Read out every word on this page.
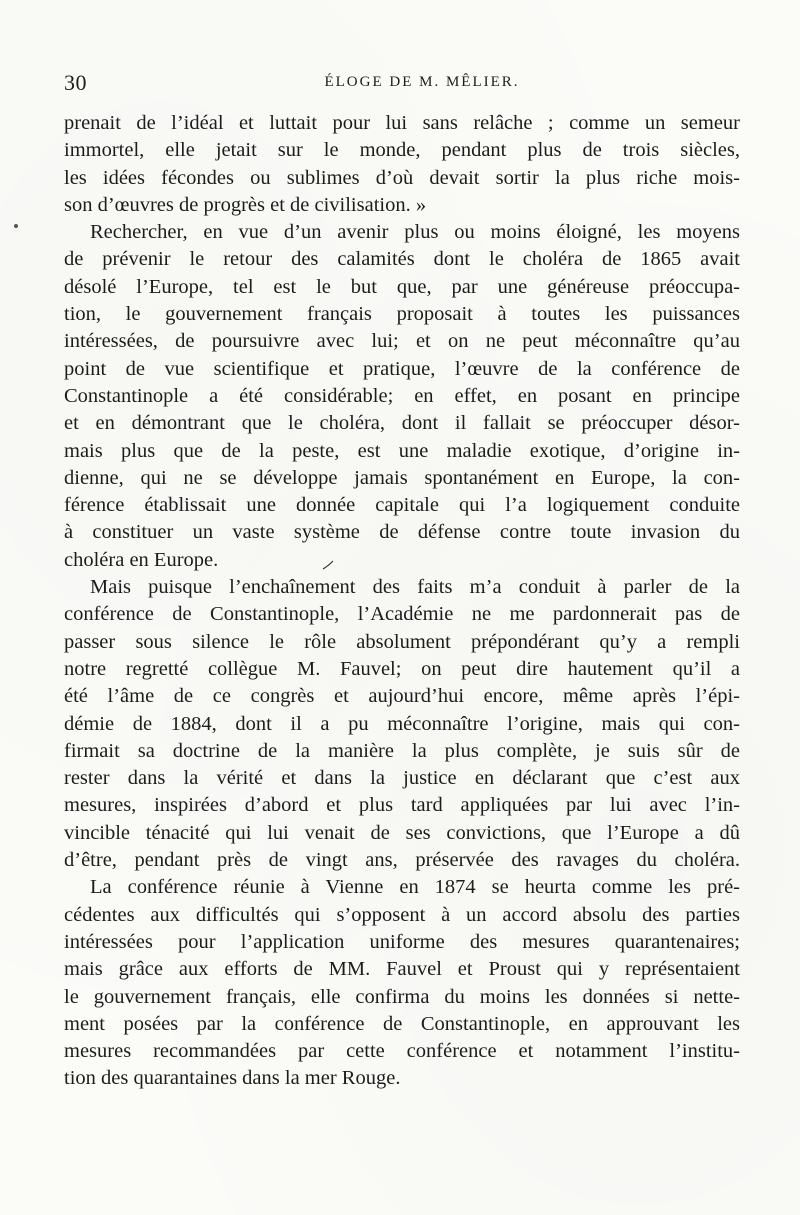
30	ÉLOGE DE M. MÊLIER.
prenait de l’idéal et luttait pour lui sans relâche ; comme un semeur
immortel, elle jetait sur le monde, pendant plus de trois siècles,
les idées fécondes ou sublimes d’où devait sortir la plus riche mois-
son d’œuvres de progrès et de civilisation. »
Rechercher, en vue d’un avenir plus ou moins éloigné, les moyens
de prévenir le retour des calamités dont le choléra de 1865 avait
désolé l’Europe, tel est le but que, par une généreuse préoccupa-
tion, le gouvernement français proposait à toutes les puissances
intéressées, de poursuivre avec lui; et on ne peut méconnaître qu’au
point de vue scientifique et pratique, l’œuvre de la conférence de
Constantinople a été considérable; en effet, en posant en principe
et en démontrant que le choléra, dont il fallait se préoccuper désor-
mais plus que de la peste, est une maladie exotique, d’origine in-
dienne, qui ne se développe jamais spontanément en Europe, la con-
férence établissait une donnée capitale qui l’a logiquement conduite
à constituer un vaste système de défense contre toute invasion du
choléra en Europe.
Mais puisque l’enchaînement des faits m’a conduit à parler de la
conférence de Constantinople, l’Académie ne me pardonnerait pas de
passer sous silence le rôle absolument prépondérant qu’y a rempli
notre regretté collègue M. Fauvel; on peut dire hautement qu’il a
été l’âme de ce congrès et aujourd’hui encore, même après l’épi-
démie de 1884, dont il a pu méconnaître l’origine, mais qui con-
firmait sa doctrine de la manière la plus complète, je suis sûr de
rester dans la vérité et dans la justice en déclarant que c’est aux
mesures, inspirées d’abord et plus tard appliquées par lui avec l’in-
vincible ténacité qui lui venait de ses convictions, que l’Europe a dû
d’être, pendant près de vingt ans, préservée des ravages du choléra.
La conférence réunie à Vienne en 1874 se heurta comme les pré-
cédentes aux difficultés qui s’opposent à un accord absolu des parties
intéressées pour l’application uniforme des mesures quarantenaires;
mais grâce aux efforts de MM. Fauvel et Proust qui y représentaient
le gouvernement français, elle confirma du moins les données si nette-
ment posées par la conférence de Constantinople, en approuvant les
mesures recommandées par cette conférence et notamment l’institu-
tion des quarantaines dans la mer Rouge.
